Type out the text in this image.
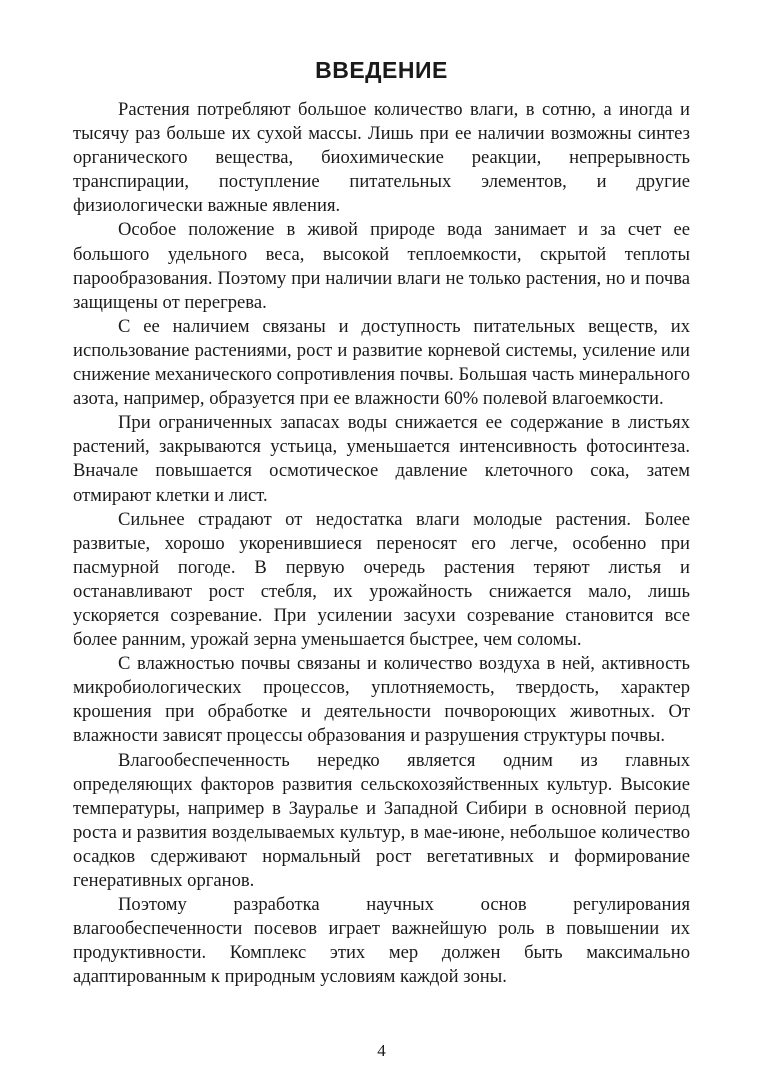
ВВЕДЕНИЕ

Растения потребляют большое количество влаги, в сотню, а иногда и тысячу раз больше их сухой массы. Лишь при ее наличии возможны синтез органического вещества, биохимические реакции, непрерывность транспирации, поступление питательных элементов, и другие физиологически важные явления.

Особое положение в живой природе вода занимает и за счет ее большого удельного веса, высокой теплоемкости, скрытой теплоты парообразования. Поэтому при наличии влаги не только растения, но и почва защищены от перегрева.

С ее наличием связаны и доступность питательных веществ, их использование растениями, рост и развитие корневой системы, усиление или снижение механического сопротивления почвы. Большая часть минерального азота, например, образуется при ее влажности 60% полевой влагоемкости.

При ограниченных запасах воды снижается ее содержание в листьях растений, закрываются устьица, уменьшается интенсивность фотосинтеза. Вначале повышается осмотическое давление клеточного сока, затем отмирают клетки и лист.

Сильнее страдают от недостатка влаги молодые растения. Более развитые, хорошо укоренившиеся переносят его легче, особенно при пасмурной погоде. В первую очередь растения теряют листья и останавливают рост стебля, их урожайность снижается мало, лишь ускоряется созревание. При усилении засухи созревание становится все более ранним, урожай зерна уменьшается быстрее, чем соломы.

С влажностью почвы связаны и количество воздуха в ней, активность микробиологических процессов, уплотняемость, твердость, характер крошения при обработке и деятельности почворoющих животных. От влажности зависят процессы образования и разрушения структуры почвы.

Влагообеспеченность нередко является одним из главных определяющих факторов развития сельскохозяйственных культур. Высокие температуры, например в Зауралье и Западной Сибири в основной период роста и развития возделываемых культур, в мае-июне, небольшое количество осадков сдерживают нормальный рост вегетативных и формирование генеративных органов.

Поэтому разработка научных основ регулирования влагообеспеченности посевов играет важнейшую роль в повышении их продуктивности. Комплекс этих мер должен быть максимально адаптированным к природным условиям каждой зоны.

4
